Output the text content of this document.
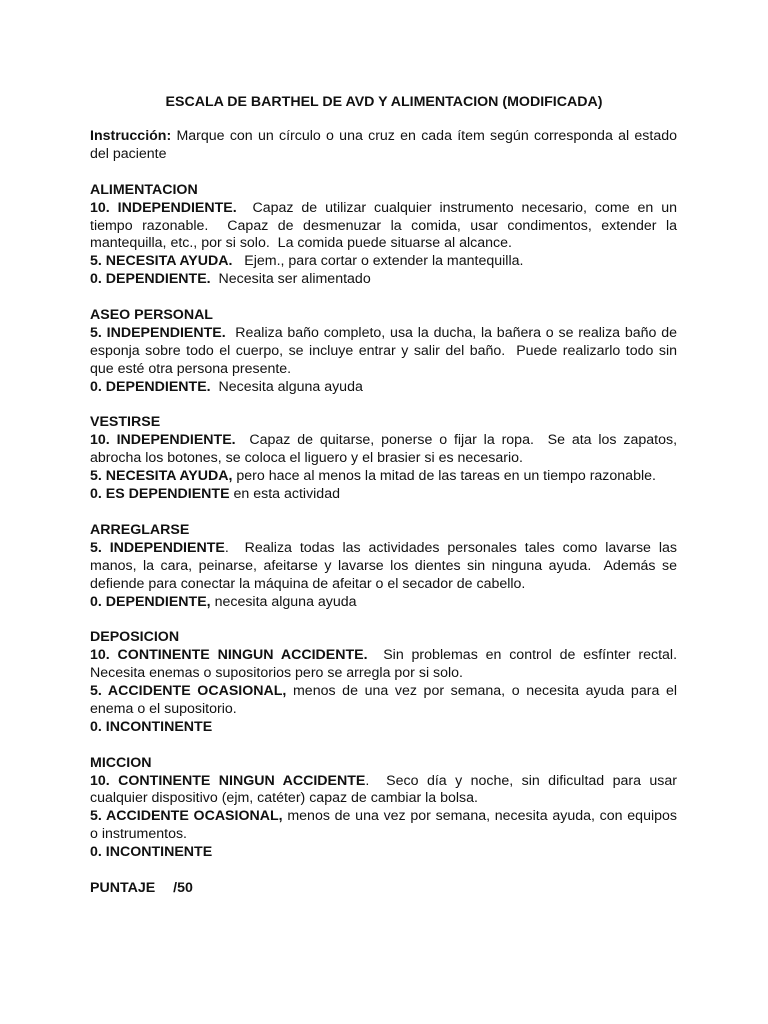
ESCALA DE BARTHEL DE AVD Y ALIMENTACION (MODIFICADA)

Instrucción: Marque con un círculo o una cruz en cada ítem según corresponda al estado del paciente

ALIMENTACION

10. INDEPENDIENTE.  Capaz de utilizar cualquier instrumento necesario, come en un tiempo razonable.  Capaz de desmenuzar la comida, usar condimentos, extender la mantequilla, etc., por si solo.  La comida puede situarse al alcance.

5. NECESITA AYUDA.   Ejem., para cortar o extender la mantequilla.

0. DEPENDIENTE.  Necesita ser alimentado

ASEO PERSONAL

5. INDEPENDIENTE.  Realiza baño completo, usa la ducha, la bañera o se realiza baño de esponja sobre todo el cuerpo, se incluye entrar y salir del baño.  Puede realizarlo todo sin que esté otra persona presente.

0. DEPENDIENTE.  Necesita alguna ayuda

VESTIRSE

10. INDEPENDIENTE.  Capaz de quitarse, ponerse o fijar la ropa.  Se ata los zapatos, abrocha los botones, se coloca el liguero y el brasier si es necesario.

5. NECESITA AYUDA, pero hace al menos la mitad de las tareas en un tiempo razonable.

0. ES DEPENDIENTE en esta actividad

ARREGLARSE

5. INDEPENDIENTE.  Realiza todas las actividades personales tales como lavarse las manos, la cara, peinarse, afeitarse y lavarse los dientes sin ninguna ayuda.  Además se defiende para conectar la máquina de afeitar o el secador de cabello.

0. DEPENDIENTE, necesita alguna ayuda

DEPOSICION

10. CONTINENTE NINGUN ACCIDENTE.  Sin problemas en control de esfínter rectal.  Necesita enemas o supositorios pero se arregla por si solo.

5. ACCIDENTE OCASIONAL, menos de una vez por semana, o necesita ayuda para el enema o el supositorio.

0. INCONTINENTE

MICCION

10. CONTINENTE NINGUN ACCIDENTE.  Seco día y noche, sin dificultad para usar cualquier dispositivo (ejm, catéter) capaz de cambiar la bolsa.

5. ACCIDENTE OCASIONAL, menos de una vez por semana, necesita ayuda, con equipos o instrumentos.

0. INCONTINENTE

PUNTAJE /50
